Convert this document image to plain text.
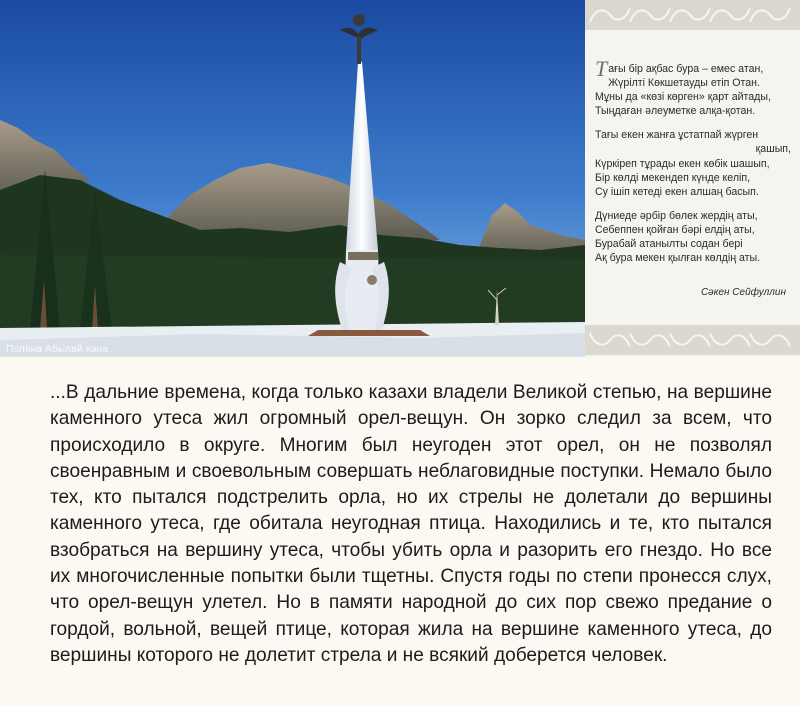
Поляна Абылай хана
Т ағы бір ақбас бура – емес атан,
Жүрілті Көкшетауды етіп Отан.
Мұны да «көзі көрген» қарт айтады,
Тыңдаған әлеуметке алқа-қотан.
Тағы екен жанға ұстатпай жүрген
қашып,
Күркіреп тұрады екен көбік шашып,
Бір көлді мекендеп күнде келіп,
Су ішіп кетеді екен алшаң басып.
Дүниеде әрбір бөлек жердің аты,
Себеппен қойған бәрі елдің аты,
Бурабай атанылты содан бері
Ақ бура мекен қылған көлдің аты.
Сәкен Сейфуллин
...В дальние времена, когда только казахи владели Великой степью, на вершине каменного утеса жил огромный орел-вещун. Он зорко следил за всем, что происходило в округе. Многим был неугоден этот орел, он не позволял своенравным и своевольным совершать неблаговидные поступки. Немало было тех, кто пытался подстрелить орла, но их стрелы не долетали до вершины каменного утеса, где обитала неугодная птица. Находились и те, кто пытался взобраться на вершину утеса, чтобы убить орла и разорить его гнездо. Но все их многочисленные попытки были тщетны. Спустя годы по степи пронесся слух, что орел-вещун улетел. Но в памяти народной до сих пор свежо предание о гордой, вольной, вещей птице, которая жила на вершине каменного утеса, до вершины которого не долетит стрела и не всякий доберется человек.
